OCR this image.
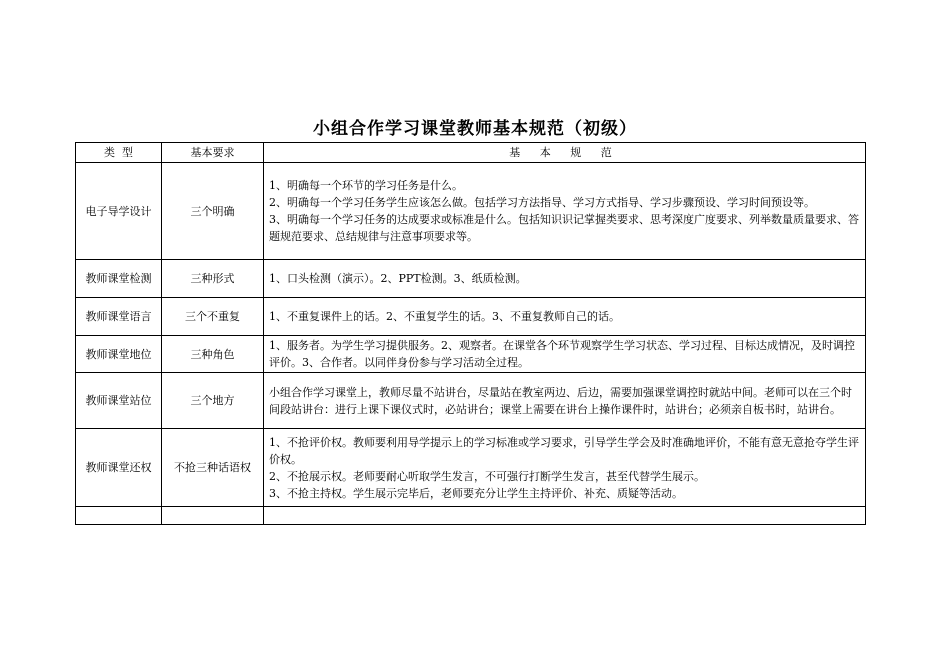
小组合作学习课堂教师基本规范（初级）
类  型	基本要求	基 本 规 范
电子导学设计	三个明确	1、明确每一个环节的学习任务是什么。
2、明确每一个学习任务学生应该怎么做。包括学习方法指导、学习方式指导、学习步骤预设、学习时间预设等。
3、明确每一个学习任务的达成要求或标准是什么。包括知识识记掌握类要求、思考深度广度要求、列举数量质量要求、答题规范要求、总结规律与注意事项要求等。

教师课堂检测	三种形式	1、口头检测（演示）。2、PPT检测。3、纸质检测。

教师课堂语言	三个不重复	1、不重复课件上的话。2、不重复学生的话。3、不重复教师自己的话。

教师课堂地位	三种角色	1、服务者。为学生学习提供服务。2、观察者。在课堂各个环节观察学生学习状态、学习过程、目标达成情况，及时调控评价。3、合作者。以同伴身份参与学习活动全过程。

教师课堂站位	三个地方	小组合作学习课堂上，教师尽量不站讲台，尽量站在教室两边、后边，需要加强课堂调控时就站中间。老师可以在三个时间段站讲台：进行上课下课仪式时，必站讲台；课堂上需要在讲台上操作课件时，站讲台；必须亲自板书时，站讲台。

教师课堂还权	不抢三种话语权	1、不抢评价权。教师要利用导学提示上的学习标准或学习要求，引导学生学会及时准确地评价，不能有意无意抢夺学生评价权。
2、不抢展示权。老师要耐心听取学生发言，不可强行打断学生发言，甚至代替学生展示。
3、不抢主持权。学生展示完毕后，老师要充分让学生主持评价、补充、质疑等活动。
